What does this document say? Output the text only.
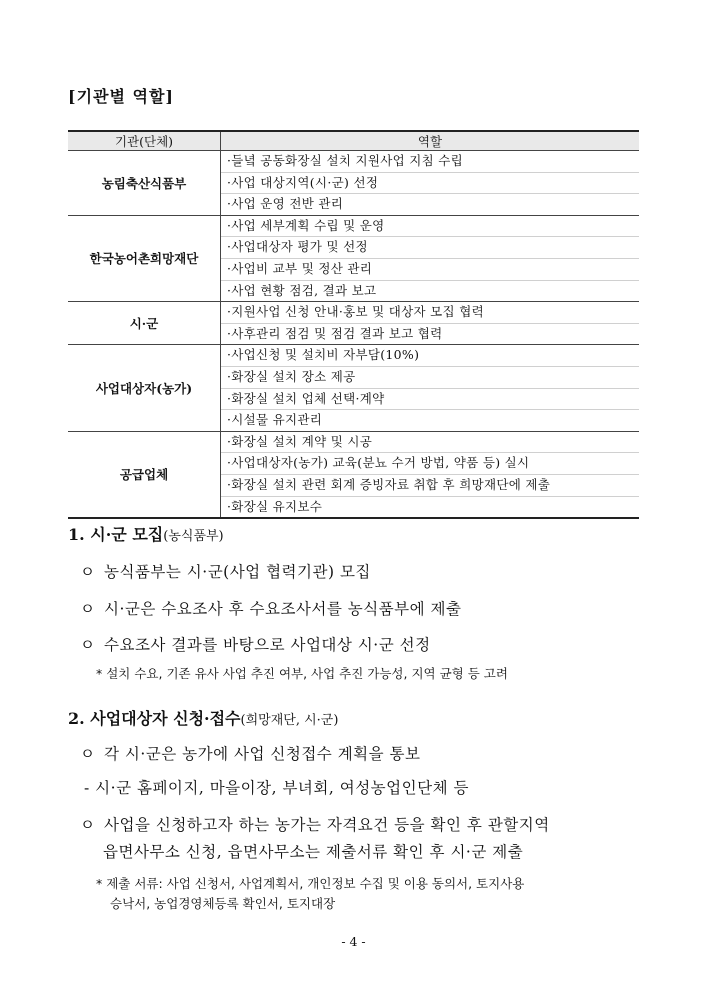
[기관별 역할]
기관(단체)	역할
농림축산식품부	·들녘 공동화장실 설치 지원사업 지침 수립
	·사업 대상지역(시·군) 선정
	·사업 운영 전반 관리
한국농어촌희망재단	·사업 세부계획 수립 및 운영
	·사업대상자 평가 및 선정
	·사업비 교부 및 정산 관리
	·사업 현황 점검, 결과 보고
시·군	·지원사업 신청 안내·홍보 및 대상자 모집 협력
	·사후관리 점검 및 점검 결과 보고 협력
사업대상자(농가)	·사업신청 및 설치비 자부담(10%)
	·화장실 설치 장소 제공
	·화장실 설치 업체 선택·계약
	·시설물 유지관리
공급업체	·화장실 설치 계약 및 시공
	·사업대상자(농가) 교육(분뇨 수거 방법, 약품 등) 실시
	·화장실 설치 관련 회계 증빙자료 취합 후 희망재단에 제출
	·화장실 유지보수
1. 시·군 모집(농식품부)
ㅇ 농식품부는 시·군(사업 협력기관) 모집
ㅇ 시·군은 수요조사 후 수요조사서를 농식품부에 제출
ㅇ 수요조사 결과를 바탕으로 사업대상 시·군 선정
* 설치 수요, 기존 유사 사업 추진 여부, 사업 추진 가능성, 지역 균형 등 고려
2. 사업대상자 신청·접수(희망재단, 시·군)
ㅇ 각 시·군은 농가에 사업 신청접수 계획을 통보
- 시·군 홈페이지, 마을이장, 부녀회, 여성농업인단체 등
ㅇ 사업을 신청하고자 하는 농가는 자격요건 등을 확인 후 관할지역
읍면사무소 신청, 읍면사무소는 제출서류 확인 후 시·군 제출
* 제출 서류: 사업 신청서, 사업계획서, 개인정보 수집 및 이용 동의서, 토지사용
승낙서, 농업경영체등록 확인서, 토지대장
- 4 -
